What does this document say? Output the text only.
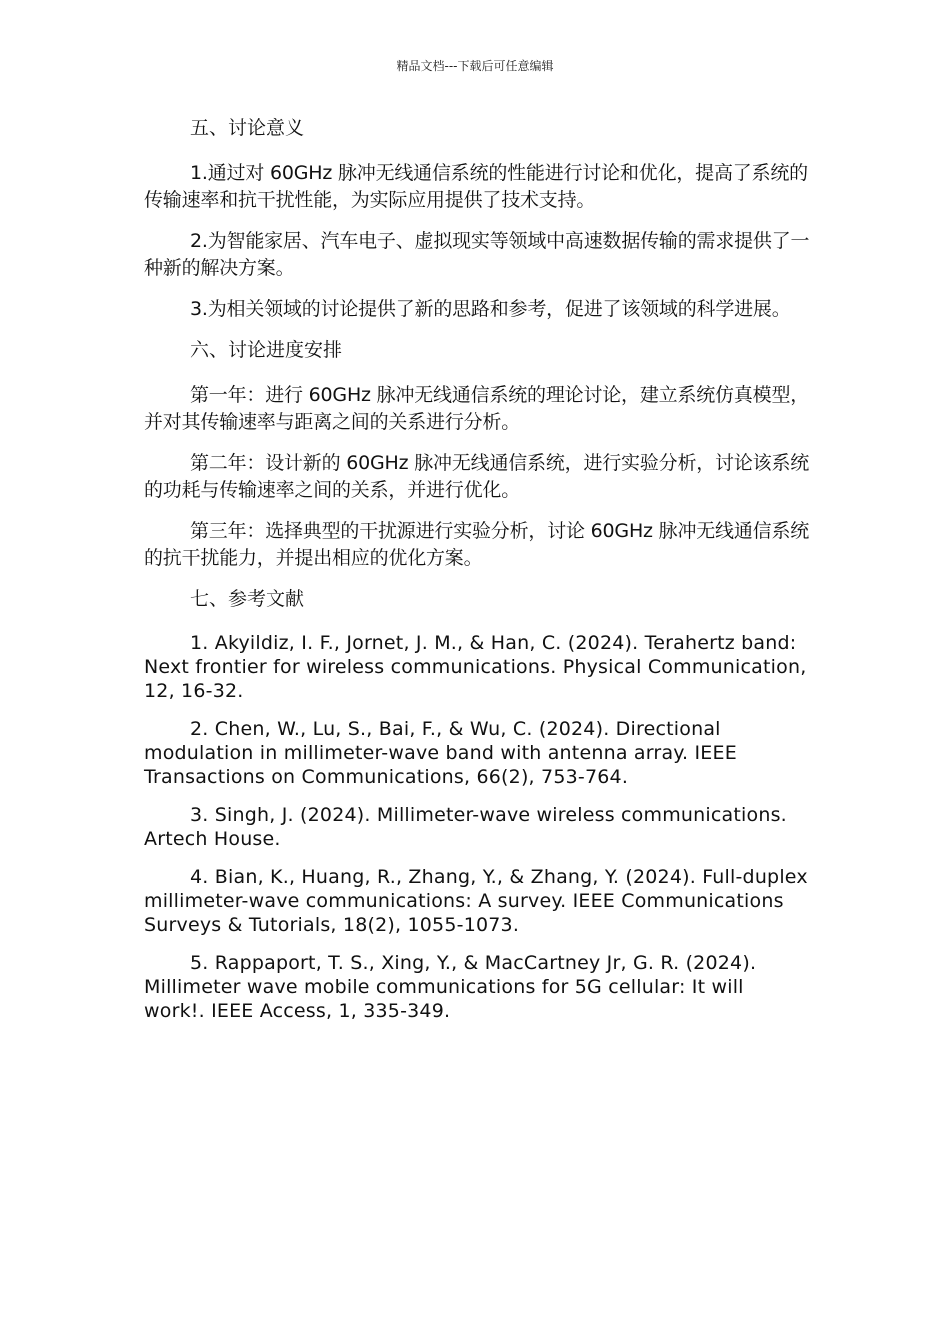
精品文档---下载后可任意编辑

五、讨论意义

1.通过对 60GHz 脉冲无线通信系统的性能进行讨论和优化，提高了系统的传输速率和抗干扰性能，为实际应用提供了技术支持。

2.为智能家居、汽车电子、虚拟现实等领域中高速数据传输的需求提供了一种新的解决方案。

3.为相关领域的讨论提供了新的思路和参考，促进了该领域的科学进展。

六、讨论进度安排

第一年：进行 60GHz 脉冲无线通信系统的理论讨论，建立系统仿真模型，并对其传输速率与距离之间的关系进行分析。

第二年：设计新的 60GHz 脉冲无线通信系统，进行实验分析，讨论该系统的功耗与传输速率之间的关系，并进行优化。

第三年：选择典型的干扰源进行实验分析，讨论 60GHz 脉冲无线通信系统的抗干扰能力，并提出相应的优化方案。

七、参考文献

1. Akyildiz, I. F., Jornet, J. M., & Han, C. (2024). Terahertz band: Next frontier for wireless communications. Physical Communication, 12, 16-32.

2. Chen, W., Lu, S., Bai, F., & Wu, C. (2024). Directional modulation in millimeter-wave band with antenna array. IEEE Transactions on Communications, 66(2), 753-764.

3. Singh, J. (2024). Millimeter-wave wireless communications. Artech House.

4. Bian, K., Huang, R., Zhang, Y., & Zhang, Y. (2024). Full-duplex millimeter-wave communications: A survey. IEEE Communications Surveys & Tutorials, 18(2), 1055-1073.

5. Rappaport, T. S., Xing, Y., & MacCartney Jr, G. R. (2024). Millimeter wave mobile communications for 5G cellular: It will work!. IEEE Access, 1, 335-349.
